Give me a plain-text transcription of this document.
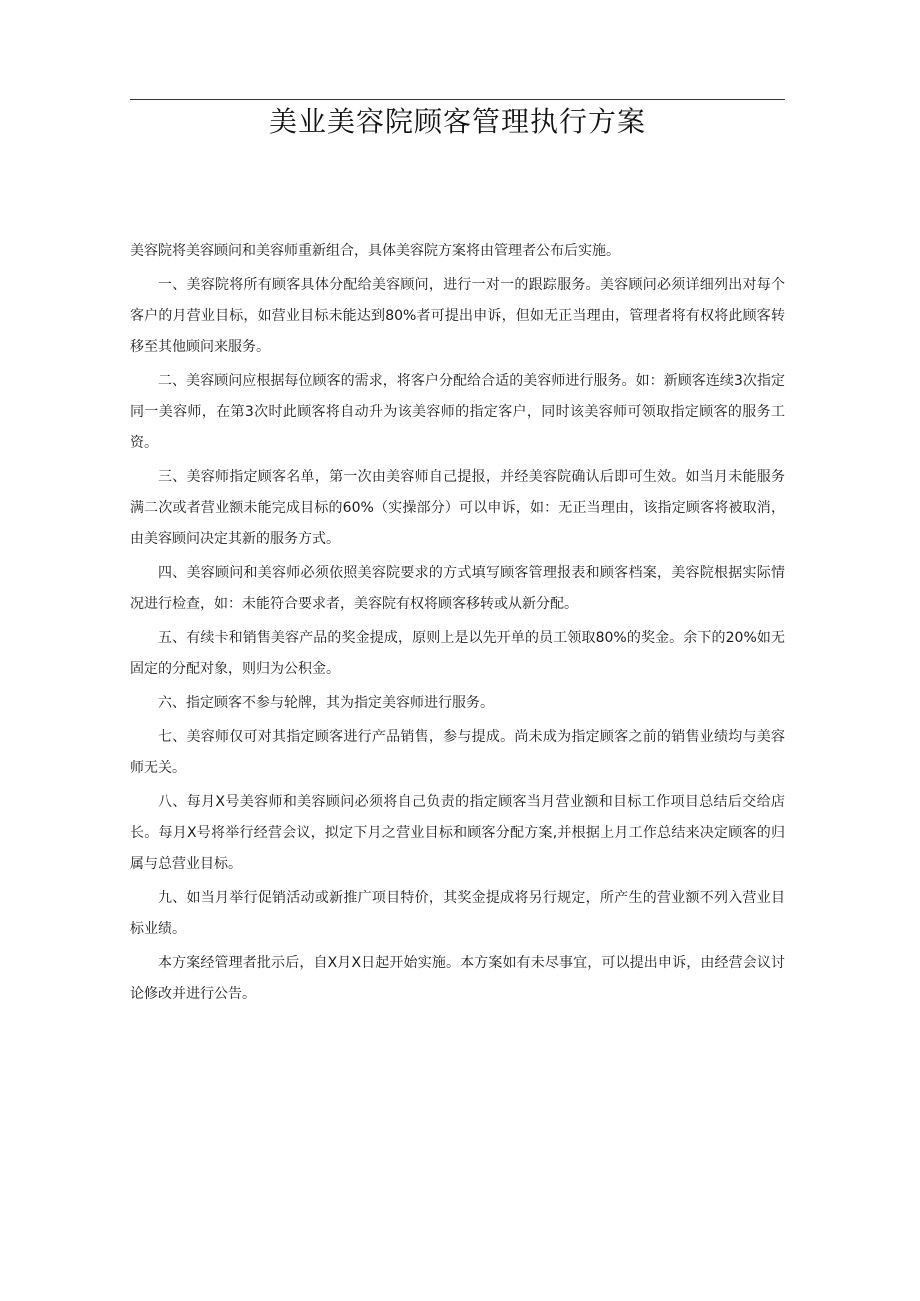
美业美容院顾客管理执行方案

美容院将美容顾问和美容师重新组合，具体美容院方案将由管理者公布后实施。

一、美容院将所有顾客具体分配给美容顾问，进行一对一的跟踪服务。美容顾问必须详细列出对每个客户的月营业目标，如营业目标未能达到80%者可提出申诉，但如无正当理由，管理者将有权将此顾客转移至其他顾问来服务。

二、美容顾问应根据每位顾客的需求，将客户分配给合适的美容师进行服务。如：新顾客连续3次指定同一美容师，在第3次时此顾客将自动升为该美容师的指定客户，同时该美容师可领取指定顾客的服务工资。

三、美容师指定顾客名单，第一次由美容师自己提报，并经美容院确认后即可生效。如当月未能服务满二次或者营业额未能完成目标的60%（实操部分）可以申诉，如：无正当理由，该指定顾客将被取消，由美容顾问决定其新的服务方式。

四、美容顾问和美容师必须依照美容院要求的方式填写顾客管理报表和顾客档案，美容院根据实际情况进行检查，如：未能符合要求者，美容院有权将顾客移转或从新分配。

五、有续卡和销售美容产品的奖金提成，原则上是以先开单的员工领取80%的奖金。余下的20%如无固定的分配对象，则归为公积金。

六、指定顾客不参与轮牌，其为指定美容师进行服务。

七、美容师仅可对其指定顾客进行产品销售，参与提成。尚未成为指定顾客之前的销售业绩均与美容师无关。

八、每月X号美容师和美容顾问必须将自己负责的指定顾客当月营业额和目标工作项目总结后交给店长。每月X号将举行经营会议，拟定下月之营业目标和顾客分配方案,并根据上月工作总结来决定顾客的归属与总营业目标。

九、如当月举行促销活动或新推广项目特价，其奖金提成将另行规定，所产生的营业额不列入营业目标业绩。

本方案经管理者批示后，自X月X日起开始实施。本方案如有未尽事宜，可以提出申诉，由经营会议讨论修改并进行公告。
